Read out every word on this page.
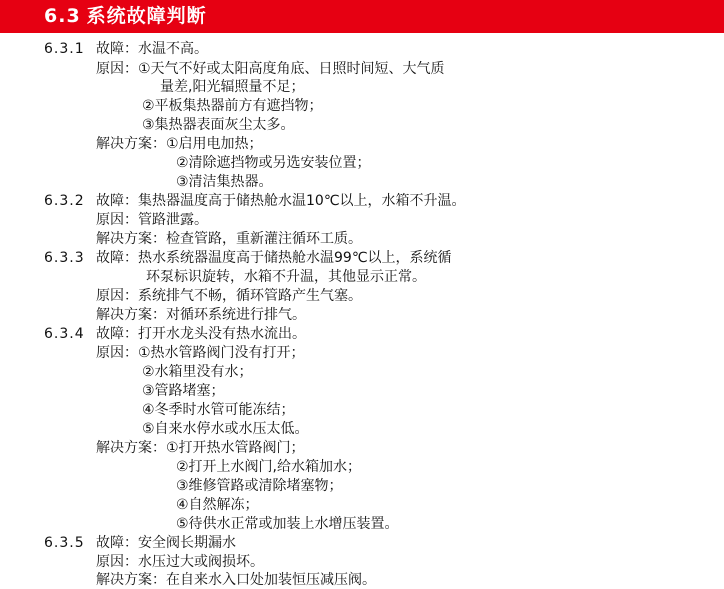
6.3 系统故障判断
6.3.1 故障：水温不高。
原因：①天气不好或太阳高度角底、日照时间短、大气质
量差,阳光辐照量不足；
②平板集热器前方有遮挡物；
③集热器表面灰尘太多。
解决方案：①启用电加热；
②清除遮挡物或另选安装位置；
③清洁集热器。
6.3.2 故障：集热器温度高于储热舱水温10℃以上，水箱不升温。
原因：管路泄露。
解决方案：检查管路，重新灌注循环工质。
6.3.3 故障：热水系统器温度高于储热舱水温99℃以上，系统循
环泵标识旋转，水箱不升温，其他显示正常。
原因：系统排气不畅，循环管路产生气塞。
解决方案：对循环系统进行排气。
6.3.4 故障：打开水龙头没有热水流出。
原因：①热水管路阀门没有打开；
②水箱里没有水；
③管路堵塞；
④冬季时水管可能冻结；
⑤自来水停水或水压太低。
解决方案：①打开热水管路阀门；
②打开上水阀门,给水箱加水；
③维修管路或清除堵塞物；
④自然解冻；
⑤待供水正常或加装上水增压装置。
6.3.5 故障：安全阀长期漏水
原因：水压过大或阀损坏。
解决方案：在自来水入口处加装恒压减压阀。
